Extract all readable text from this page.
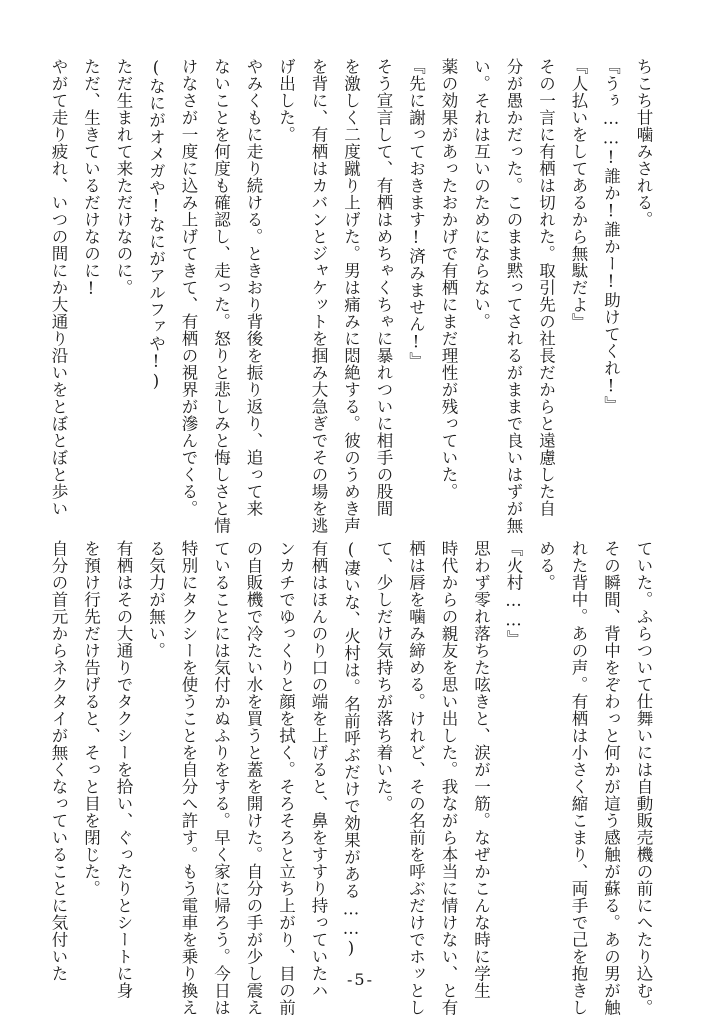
ちこち甘噛みされる。
『うぅ……!誰か!誰かー!助けてくれ!』
『人払いをしてあるから無駄だよ』
その一言に有栖は切れた。取引先の社長だからと遠慮した自
分が愚かだった。このまま黙ってされるがままで良いはずが無
い。それは互いのためにならない。
薬の効果があったおかげで有栖にまだ理性が残っていた。
『先に謝っておきます!済みません!』
そう宣言して、有栖はめちゃくちゃに暴れついに相手の股間
を激しく二度蹴り上げた。男は痛みに悶絶する。彼のうめき声
を背に、有栖はカバンとジャケットを掴み大急ぎでその場を逃
げ出した。
やみくもに走り続ける。ときおり背後を振り返り、追って来
ないことを何度も確認し、走った。怒りと悲しみと悔しさと情
けなさが一度に込み上げてきて、有栖の視界が滲んでくる。
(なにがオメガや!なにがアルファや!)
ただ生まれて来ただけなのに。
ただ、生きているだけなのに!
やがて走り疲れ、いつの間にか大通り沿いをとぼとぼと歩い
ていた。ふらついて仕舞いには自動販売機の前にへたり込む。
その瞬間、背中をぞわっと何かが這う感触が蘇る。あの男が触
れた背中。あの声。有栖は小さく縮こまり、両手で己を抱きし
める。
『火村……』
思わず零れ落ちた呟きと、涙が一筋。なぜかこんな時に学生
時代からの親友を思い出した。我ながら本当に情けない、と有
栖は唇を噛み締める。けれど、その名前を呼ぶだけでホッとし
て、少しだけ気持ちが落ち着いた。
(凄いな、火村は。名前呼ぶだけで効果がある……)
有栖はほんのり口の端を上げると、鼻をすすり持っていたハ
ンカチでゆっくりと顔を拭く。そろそろと立ち上がり、目の前
の自販機で冷たい水を買うと蓋を開けた。自分の手が少し震え
ていることには気付かぬふりをする。早く家に帰ろう。今日は
特別にタクシーを使うことを自分へ許す。もう電車を乗り換え
る気力が無い。
有栖はその大通りでタクシーを拾い、ぐったりとシートに身
を預け行先だけ告げると、そっと目を閉じた。
自分の首元からネクタイが無くなっていることに気付いた	-5-
